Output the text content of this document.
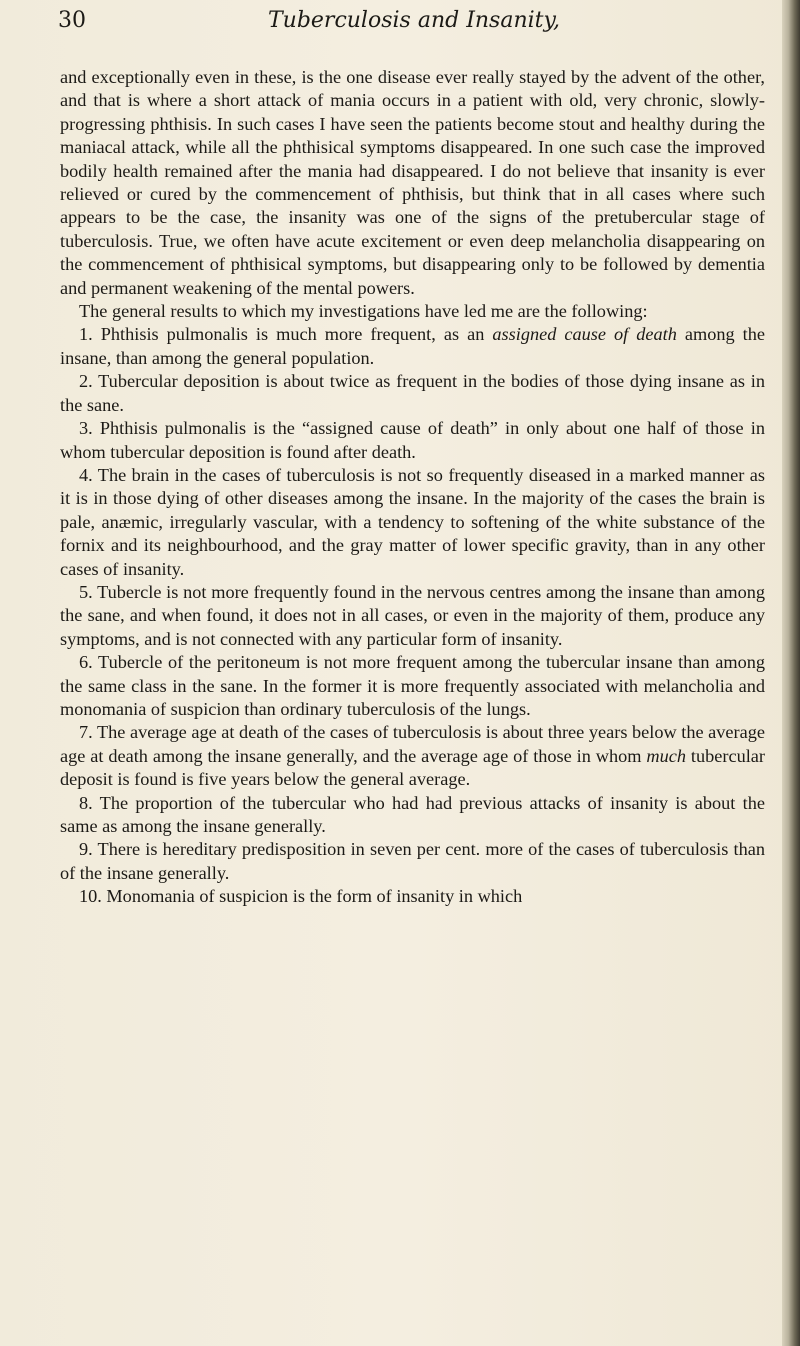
30	Tuberculosis and Insanity,

and exceptionally even in these, is the one disease ever really stayed by the advent of the other, and that is where a short attack of mania occurs in a patient with old, very chronic, slowly-progressing phthisis. In such cases I have seen the patients become stout and healthy during the maniacal attack, while all the phthisical symptoms disappeared. In one such case the improved bodily health remained after the mania had disappeared. I do not believe that insanity is ever relieved or cured by the commencement of phthisis, but think that in all cases where such appears to be the case, the insanity was one of the signs of the pretubercular stage of tuberculosis. True, we often have acute excitement or even deep melancholia disappearing on the commencement of phthisical symptoms, but disappearing only to be followed by dementia and permanent weakening of the mental powers.

The general results to which my investigations have led me are the following:

1. Phthisis pulmonalis is much more frequent, as an assigned cause of death among the insane, than among the general population.

2. Tubercular deposition is about twice as frequent in the bodies of those dying insane as in the sane.

3. Phthisis pulmonalis is the “assigned cause of death” in only about one half of those in whom tubercular deposition is found after death.

4. The brain in the cases of tuberculosis is not so frequently diseased in a marked manner as it is in those dying of other diseases among the insane. In the majority of the cases the brain is pale, anæmic, irregularly vascular, with a tendency to softening of the white substance of the fornix and its neighbourhood, and the gray matter of lower specific gravity, than in any other cases of insanity.

5. Tubercle is not more frequently found in the nervous centres among the insane than among the sane, and when found, it does not in all cases, or even in the majority of them, produce any symptoms, and is not connected with any particular form of insanity.

6. Tubercle of the peritoneum is not more frequent among the tubercular insane than among the same class in the sane. In the former it is more frequently associated with melancholia and monomania of suspicion than ordinary tuberculosis of the lungs.

7. The average age at death of the cases of tuberculosis is about three years below the average age at death among the insane generally, and the average age of those in whom much tubercular deposit is found is five years below the general average.

8. The proportion of the tubercular who had had previous attacks of insanity is about the same as among the insane generally.

9. There is hereditary predisposition in seven per cent. more of the cases of tuberculosis than of the insane generally.

10. Monomania of suspicion is the form of insanity in which
